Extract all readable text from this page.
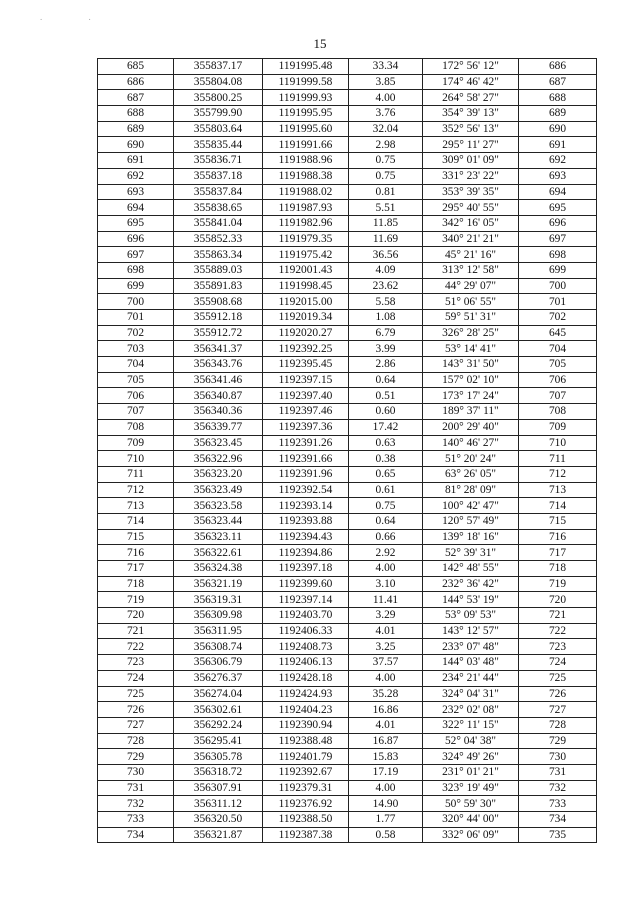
. .
15
685	355837.17	1191995.48	33.34	172° 56' 12"	686
686	355804.08	1191999.58	3.85	174° 46' 42"	687
687	355800.25	1191999.93	4.00	264° 58' 27"	688
688	355799.90	1191995.95	3.76	354° 39' 13"	689
689	355803.64	1191995.60	32.04	352° 56' 13"	690
690	355835.44	1191991.66	2.98	295° 11' 27"	691
691	355836.71	1191988.96	0.75	309° 01' 09"	692
692	355837.18	1191988.38	0.75	331° 23' 22"	693
693	355837.84	1191988.02	0.81	353° 39' 35"	694
694	355838.65	1191987.93	5.51	295° 40' 55"	695
695	355841.04	1191982.96	11.85	342° 16' 05"	696
696	355852.33	1191979.35	11.69	340° 21' 21"	697
697	355863.34	1191975.42	36.56	45° 21' 16"	698
698	355889.03	1192001.43	4.09	313° 12' 58"	699
699	355891.83	1191998.45	23.62	44° 29' 07"	700
700	355908.68	1192015.00	5.58	51° 06' 55"	701
701	355912.18	1192019.34	1.08	59° 51' 31"	702
702	355912.72	1192020.27	6.79	326° 28' 25"	645
703	356341.37	1192392.25	3.99	53° 14' 41"	704
704	356343.76	1192395.45	2.86	143° 31' 50"	705
705	356341.46	1192397.15	0.64	157° 02' 10"	706
706	356340.87	1192397.40	0.51	173° 17' 24"	707
707	356340.36	1192397.46	0.60	189° 37' 11"	708
708	356339.77	1192397.36	17.42	200° 29' 40"	709
709	356323.45	1192391.26	0.63	140° 46' 27"	710
710	356322.96	1192391.66	0.38	51° 20' 24"	711
711	356323.20	1192391.96	0.65	63° 26' 05"	712
712	356323.49	1192392.54	0.61	81° 28' 09"	713
713	356323.58	1192393.14	0.75	100° 42' 47"	714
714	356323.44	1192393.88	0.64	120° 57' 49"	715
715	356323.11	1192394.43	0.66	139° 18' 16"	716
716	356322.61	1192394.86	2.92	52° 39' 31"	717
717	356324.38	1192397.18	4.00	142° 48' 55"	718
718	356321.19	1192399.60	3.10	232° 36' 42"	719
719	356319.31	1192397.14	11.41	144° 53' 19"	720
720	356309.98	1192403.70	3.29	53° 09' 53"	721
721	356311.95	1192406.33	4.01	143° 12' 57"	722
722	356308.74	1192408.73	3.25	233° 07' 48"	723
723	356306.79	1192406.13	37.57	144° 03' 48"	724
724	356276.37	1192428.18	4.00	234° 21' 44"	725
725	356274.04	1192424.93	35.28	324° 04' 31"	726
726	356302.61	1192404.23	16.86	232° 02' 08"	727
727	356292.24	1192390.94	4.01	322° 11' 15"	728
728	356295.41	1192388.48	16.87	52° 04' 38"	729
729	356305.78	1192401.79	15.83	324° 49' 26"	730
730	356318.72	1192392.67	17.19	231° 01' 21"	731
731	356307.91	1192379.31	4.00	323° 19' 49"	732
732	356311.12	1192376.92	14.90	50° 59' 30"	733
733	356320.50	1192388.50	1.77	320° 44' 00"	734
734	356321.87	1192387.38	0.58	332° 06' 09"	735
